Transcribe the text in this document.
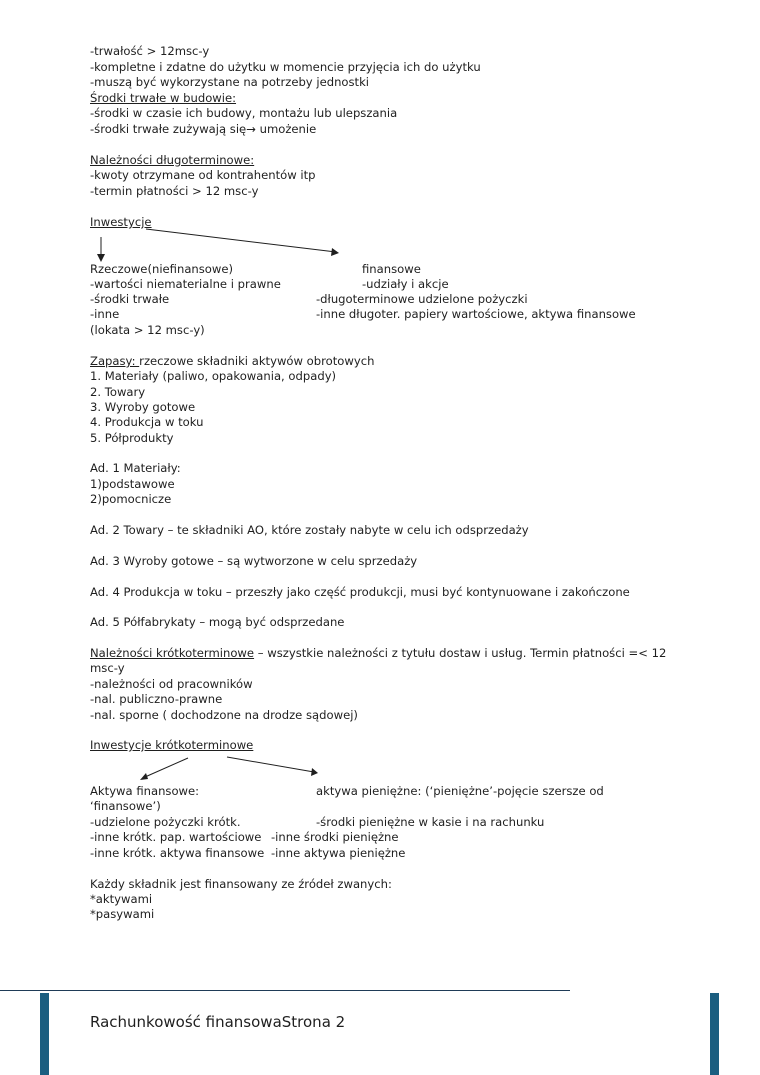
-trwałość > 12msc-y
-kompletne i zdatne do użytku w momencie przyjęcia ich do użytku
-muszą być wykorzystane na potrzeby jednostki
Środki trwałe w budowie:
-środki w czasie ich budowy, montażu lub ulepszania
-środki trwałe zużywają się→ umożenie
Należności długoterminowe:
-kwoty otrzymane od kontrahentów itp
-termin płatności > 12 msc-y
Inwestycje
Rzeczowe(niefinansowe)	finansowe
-wartości niematerialne i prawne	-udziały i akcje
-środki trwałe	-długoterminowe udzielone pożyczki
-inne	-inne długoter. papiery wartościowe, aktywa finansowe
(lokata > 12 msc-y)
Zapasy: rzeczowe składniki aktywów obrotowych
1. Materiały (paliwo, opakowania, odpady)
2. Towary
3. Wyroby gotowe
4. Produkcja w toku
5. Półprodukty
Ad. 1 Materiały:
1)podstawowe
2)pomocnicze
Ad. 2 Towary – te składniki AO, które zostały nabyte w celu ich odsprzedaży
Ad. 3 Wyroby gotowe – są wytworzone w celu sprzedaży
Ad. 4 Produkcja w toku – przeszły jako część produkcji, musi być kontynuowane i zakończone
Ad. 5 Półfabrykaty – mogą być odsprzedane
Należności krótkoterminowe – wszystkie należności z tytułu dostaw i usług. Termin płatności =< 12
msc-y
-należności od pracowników
-nal. publiczno-prawne
-nal. sporne ( dochodzone na drodze sądowej)
Inwestycje krótkoterminowe
Aktywa finansowe:	aktywa pieniężne: (‘pieniężne’-pojęcie szersze od
‘finansowe’)
-udzielone pożyczki krótk.	-środki pieniężne w kasie i na rachunku
-inne krótk. pap. wartościowe -inne środki pieniężne
-inne krótk. aktywa finansowe -inne aktywa pieniężne
Każdy składnik jest finansowany ze źródeł zwanych:
*aktywami
*pasywami
Rachunkowość finansowaStrona 2
